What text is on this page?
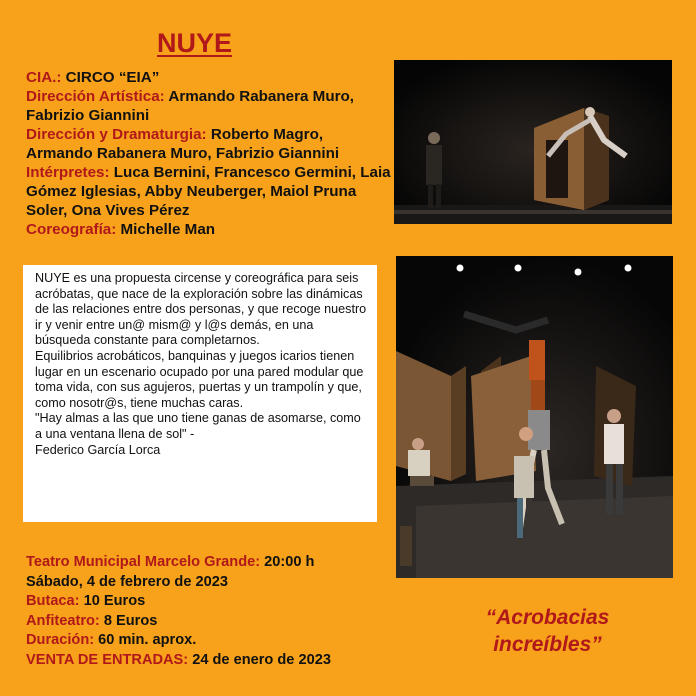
NUYE
CIA.: CIRCO “EIA”
Dirección Artística: Armando Rabanera Muro, Fabrizio Giannini
Dirección y Dramaturgia: Roberto Magro, Armando Rabanera Muro, Fabrizio Giannini
Intérpretes: Luca Bernini, Francesco Germini, Laia Gómez Iglesias, Abby Neuberger, Maiol Pruna Soler, Ona Vives Pérez
Coreografía: Michelle Man

NUYE es una propuesta circense y coreográfica para seis acróbatas, que nace de la exploración sobre las dinámicas de las relaciones entre dos personas, y que recoge nuestro ir y venir entre un@ mism@ y l@s demás, en una búsqueda constante para completarnos.

Equilibrios acrobáticos, banquinas y juegos icarios tienen lugar en un escenario ocupado por una pared modular que toma vida, con sus agujeros, puertas y un trampolín y que, como nosotr@s, tiene muchas caras.

"Hay almas a las que uno tiene ganas de asomarse, como a una ventana llena de sol" -

Federico García Lorca

Teatro Municipal Marcelo Grande: 20:00 h
Sábado, 4 de febrero de 2023
Butaca: 10 Euros
Anfiteatro: 8 Euros
Duración: 60 min. aprox.
VENTA DE ENTRADAS: 24 de enero de 2023
“Acrobacias
increíbles”
